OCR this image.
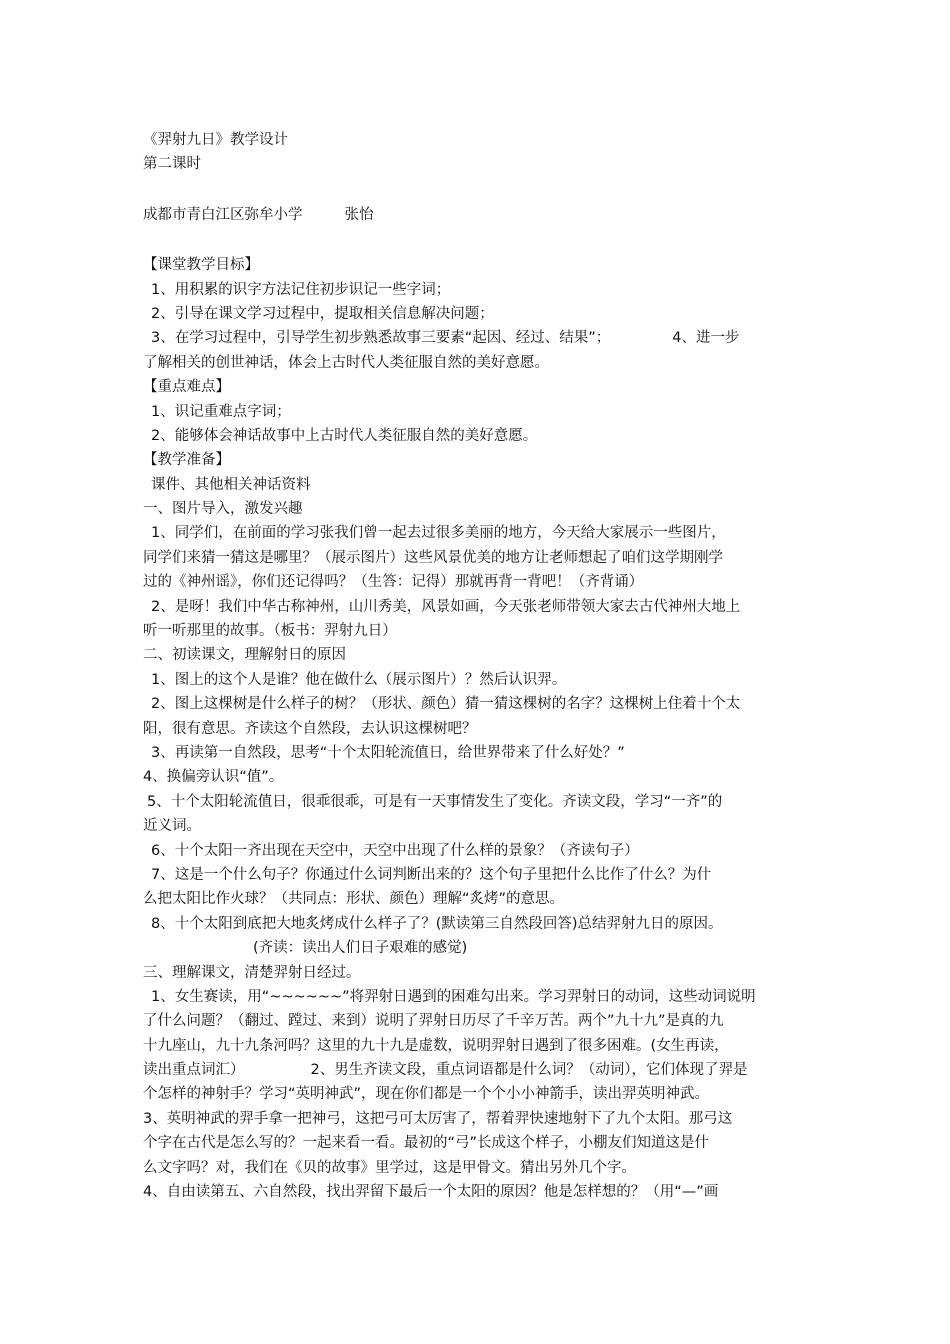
《羿射九日》教学设计
第二课时
成都市青白江区弥牟小学	张怡
【课堂教学目标】
1、用积累的识字方法记住初步识记一些字词；
2、引导在课文学习过程中，提取相关信息解决问题；
3、在学习过程中，引导学生初步熟悉故事三要素“起因、经过、结果”；	4、进一步
了解相关的创世神话，体会上古时代人类征服自然的美好意愿。
【重点难点】
1、识记重难点字词；
2、能够体会神话故事中上古时代人类征服自然的美好意愿。
【教学准备】
课件、其他相关神话资料
一、图片导入，激发兴趣
1、同学们，在前面的学习张我们曾一起去过很多美丽的地方，今天给大家展示一些图片，
同学们来猜一猜这是哪里？（展示图片）这些风景优美的地方让老师想起了咱们这学期刚学
过的《神州谣》，你们还记得吗？（生答：记得）那就再背一背吧！（齐背诵）
2、是呀！我们中华古称神州，山川秀美，风景如画，今天张老师带领大家去古代神州大地上
听一听那里的故事。（板书：羿射九日）
二、初读课文，理解射日的原因
1、图上的这个人是谁？他在做什么（展示图片）？然后认识羿。
2、图上这棵树是什么样子的树？（形状、颜色）猜一猜这棵树的名字？这棵树上住着十个太
阳，很有意思。齐读这个自然段，去认识这棵树吧？
3、再读第一自然段，思考“十个太阳轮流值日，给世界带来了什么好处？”
4、换偏旁认识“值”。
5、十个太阳轮流值日，很乖很乖，可是有一天事情发生了变化。齐读文段，学习“一齐”的
近义词。
6、十个太阳一齐出现在天空中，天空中出现了什么样的景象？（齐读句子）
7、这是一个什么句子？你通过什么词判断出来的？这个句子里把什么比作了什么？为什
么把太阳比作火球？（共同点：形状、颜色）理解“炙烤”的意思。
8、十个太阳到底把大地炙烤成什么样子了？(默读第三自然段回答)总结羿射九日的原因。
(齐读：读出人们日子艰难的感觉)
三、理解课文，清楚羿射日经过。
1、女生赛读，用“~~~~~~”将羿射日遇到的困难勾出来。学习羿射日的动词，这些动词说明
了什么问题？（翻过、蹚过、来到）说明了羿射日历尽了千辛万苦。两个”九十九”是真的九
十九座山，九十九条河吗？这里的九十九是虚数，说明羿射日遇到了很多困难。(女生再读，
读出重点词汇）	2、男生齐读文段，重点词语都是什么词？（动词），它们体现了羿是
个怎样的神射手？学习“英明神武”，现在你们都是一个个小小神箭手，读出羿英明神武。
3、英明神武的羿手拿一把神弓，这把弓可太厉害了，帮着羿快速地射下了九个太阳。那弓这
个字在古代是怎么写的？一起来看一看。最初的“弓”长成这个样子，小棚友们知道这是什
么文字吗？对，我们在《贝的故事》里学过，这是甲骨文。猜出另外几个字。
4、自由读第五、六自然段，找出羿留下最后一个太阳的原因？他是怎样想的？（用“—”画
